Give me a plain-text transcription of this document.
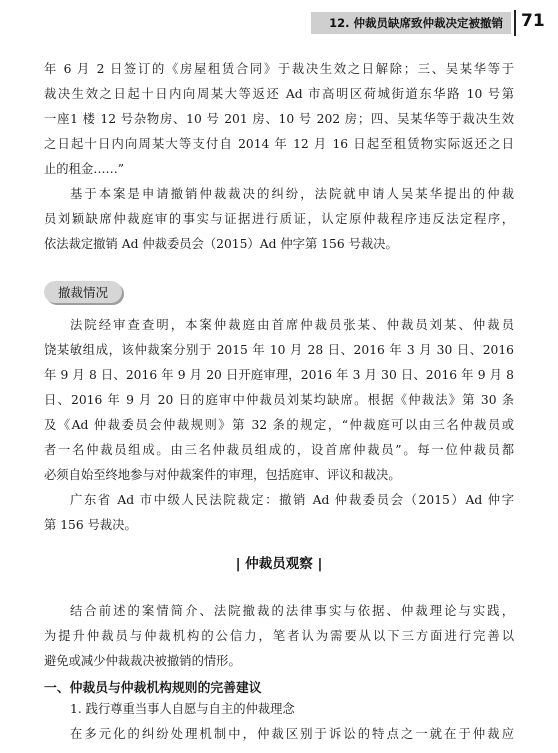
12. 仲裁员缺席致仲裁决定被撤销 71
年 6 月 2 日签订的《房屋租赁合同》于裁决生效之日解除；三、吴某华等于
裁决生效之日起十日内向周某大等返还 Ad 市高明区荷城街道东华路 10 号第
一座1 楼 12 号杂物房、10 号 201 房、10 号 202 房；四、吴某华等于裁决生效
之日起十日内向周某大等支付自 2014 年 12 月 16 日起至租赁物实际返还之日
止的租金……”
基于本案是申请撤销仲裁裁决的纠纷，法院就申请人吴某华提出的仲裁
员刘颖缺席仲裁庭审的事实与证据进行质证，认定原仲裁程序违反法定程序，
依法裁定撤销 Ad 仲裁委员会（2015）Ad 仲字第 156 号裁决。
撤裁情况
法院经审查查明，本案仲裁庭由首席仲裁员张某、仲裁员刘某、仲裁员
饶某敏组成，该仲裁案分别于 2015 年 10 月 28 日、2016 年 3 月 30 日、2016
年 9 月 8 日、2016 年 9 月 20 日开庭审理，2016 年 3 月 30 日、2016 年 9 月 8
日、2016 年 9 月 20 日的庭审中仲裁员刘某均缺席。根据《仲裁法》第 30 条
及《Ad 仲裁委员会仲裁规则》第 32 条的规定，“仲裁庭可以由三名仲裁员或
者一名仲裁员组成。由三名仲裁员组成的，设首席仲裁员”。每一位仲裁员都
必须自始至终地参与对仲裁案件的审理，包括庭审、评议和裁决。
广东省 Ad 市中级人民法院裁定：撤销 Ad 仲裁委员会（2015）Ad 仲字
第 156 号裁决。
| 仲裁员观察 |
结合前述的案情简介、法院撤裁的法律事实与依据、仲裁理论与实践，
为提升仲裁员与仲裁机构的公信力，笔者认为需要从以下三方面进行完善以
避免或减少仲裁裁决被撤销的情形。
一、仲裁员与仲裁机构规则的完善建议
1. 践行尊重当事人自愿与自主的仲裁理念
在多元化的纠纷处理机制中，仲裁区别于诉讼的特点之一就在于仲裁应
